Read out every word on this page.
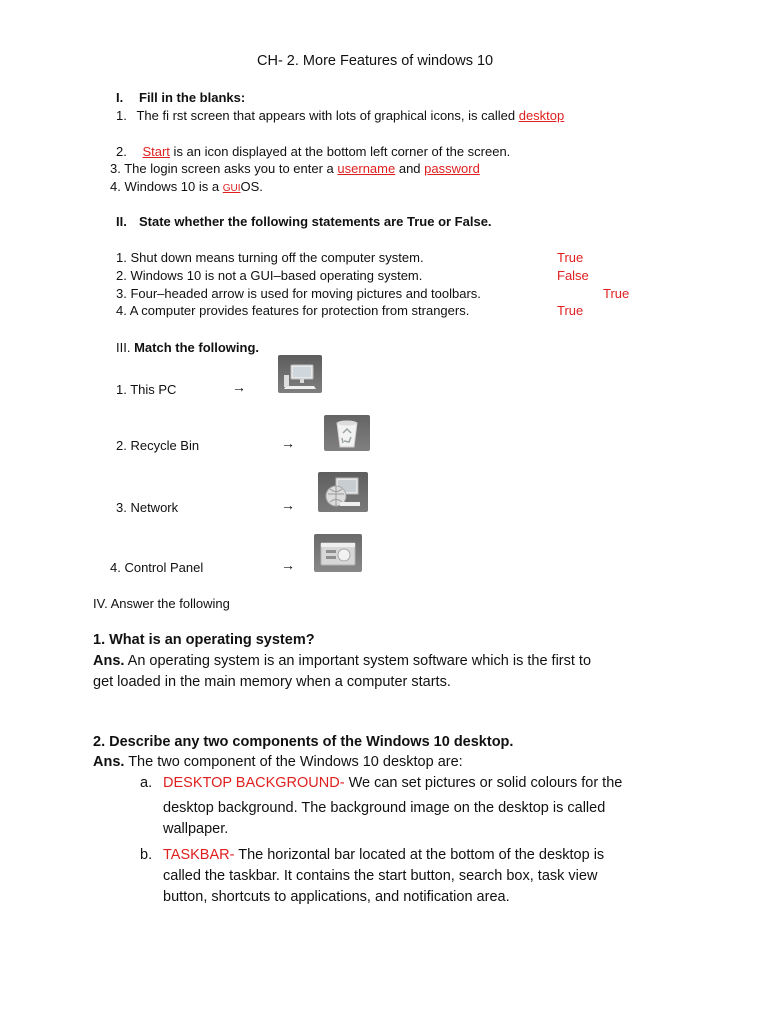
CH- 2. More Features of windows 10
I. Fill in the blanks:
1. The fi rst screen that appears with lots of graphical icons, is called desktop
2. Start is an icon displayed at the bottom left corner of the screen.
3. The login screen asks you to enter a username and password
4. Windows 10 is a GUIOS.
II. State whether the following statements are True or False.
1. Shut down means turning off the computer system.	True
2. Windows 10 is not a GUI–based operating system.	False
3. Four–headed arrow is used for moving pictures and toolbars.	True
4. A computer provides features for protection from strangers.	True
III. Match the following.
1. This PC	→
2. Recycle Bin	→
3. Network	→
4. Control Panel	→
IV. Answer the following
1. What is an operating system?
Ans. An operating system is an important system software which is the first to
get loaded in the main memory when a computer starts.
2. Describe any two components of the Windows 10 desktop.
Ans. The two component of the Windows 10 desktop are:
a. DESKTOP BACKGROUND- We can set pictures or solid colours for the
desktop background. The background image on the desktop is called
wallpaper.
b. TASKBAR- The horizontal bar located at the bottom of the desktop is
called the taskbar. It contains the start button, search box, task view
button, shortcuts to applications, and notification area.
